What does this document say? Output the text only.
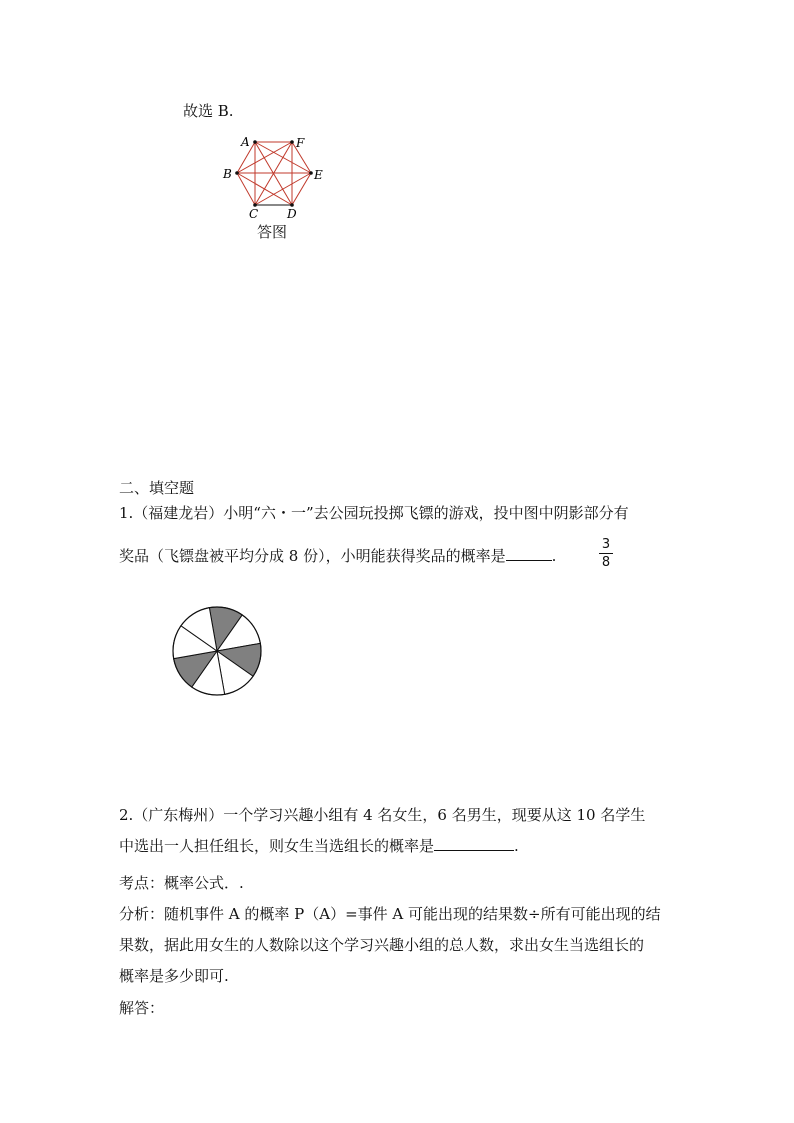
故选 B.
A	F
B	E
C D
答图
二、填空题
1.（福建龙岩）小明“六・一”去公园玩投掷飞镖的游戏，投中图中阴影部分有
奖品（飞镖盘被平均分成 8 份），小明能获得奖品的概率是	.
3
8
2.（广东梅州）一个学习兴趣小组有 4 名女生，6 名男生，现要从这 10 名学生
中选出一人担任组长，则女生当选组长的概率是	.
考点：概率公式．.
分析：随机事件 A 的概率 P（A）=事件 A 可能出现的结果数÷所有可能出现的结
果数，据此用女生的人数除以这个学习兴趣小组的总人数，求出女生当选组长的
概率是多少即可.
解答：
